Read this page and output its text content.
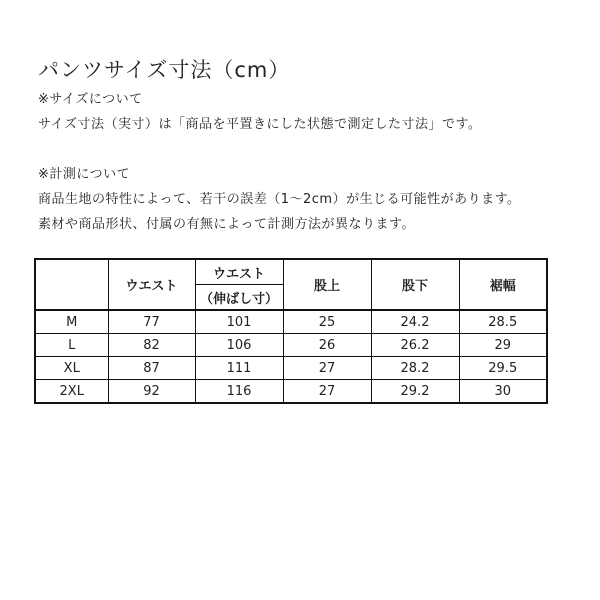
パンツサイズ寸法（cm）
※サイズについて
サイズ寸法（実寸）は「商品を平置きにした状態で測定した寸法」です。
※計測について
商品生地の特性によって、若干の誤差（1～2cm）が生じる可能性があります。
素材や商品形状、付属の有無によって計測方法が異なります。
	ウエスト	ウエスト	股上	股下	裾幅
		（伸ばし寸）			
M	77	101	25	24.2	28.5
L	82	106	26	26.2	29
XL	87	111	27	28.2	29.5
2XL	92	116	27	29.2	30
